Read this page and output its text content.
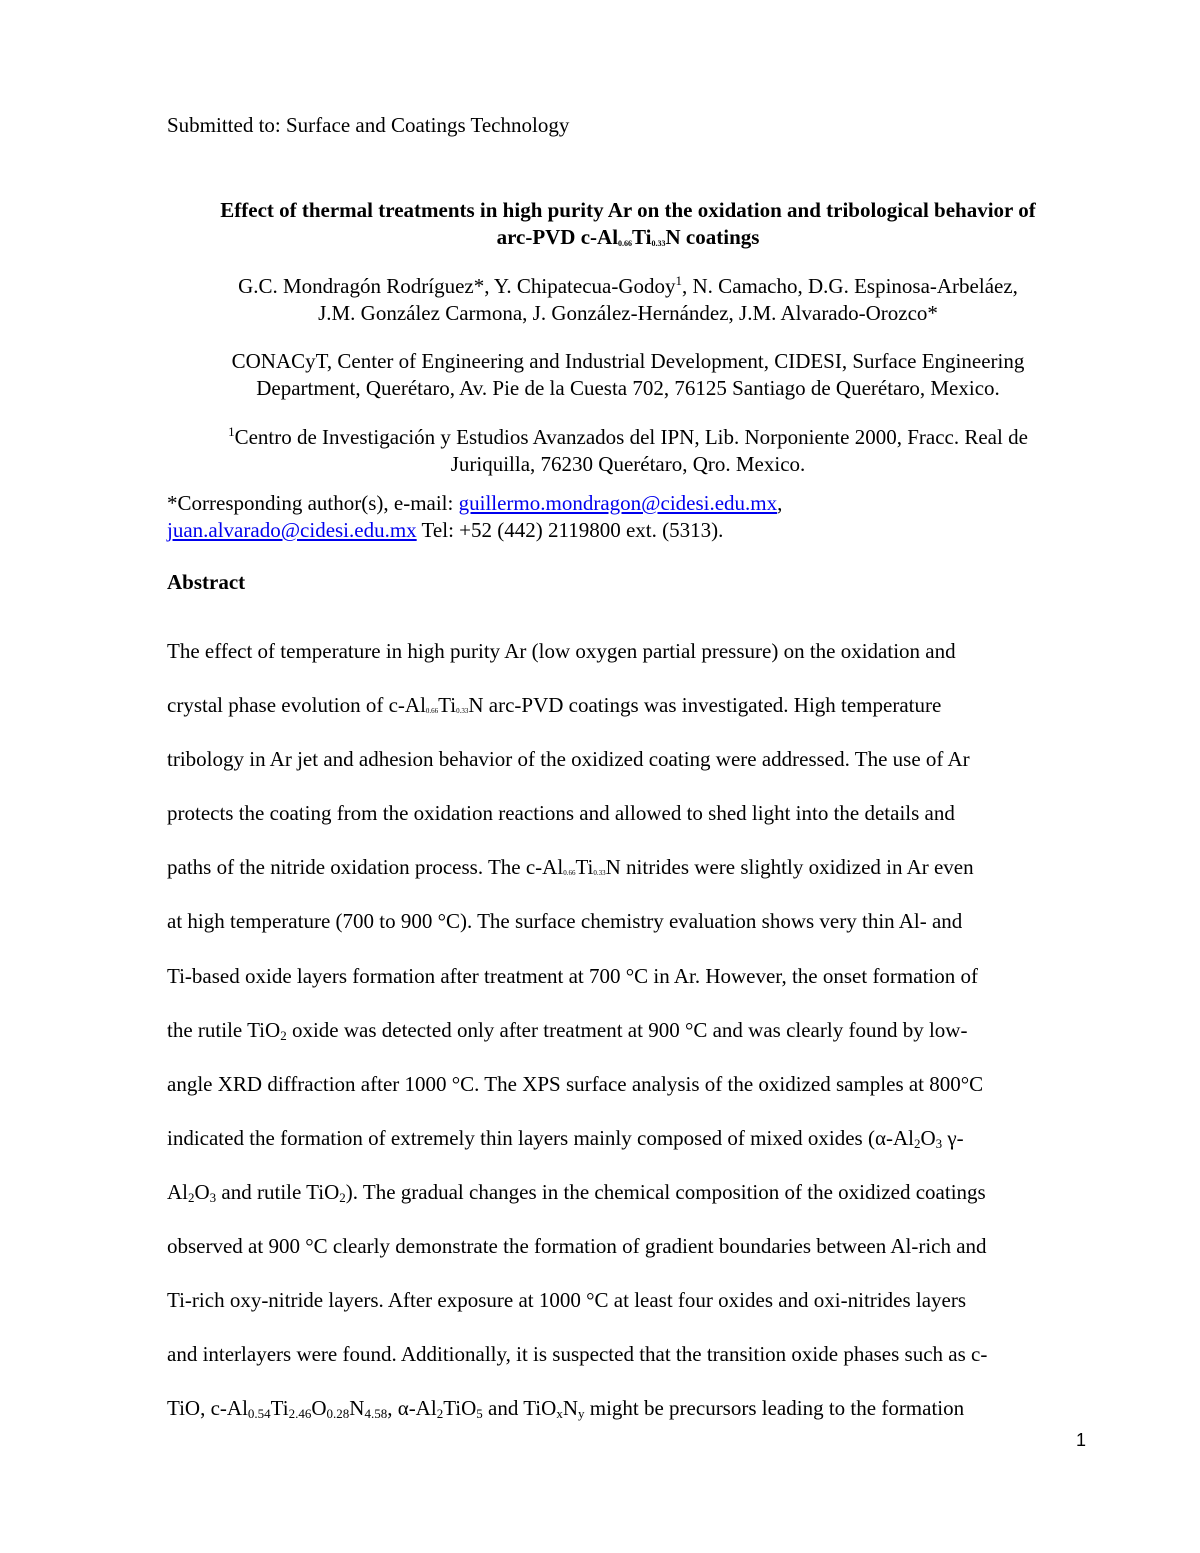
Submitted to: Surface and Coatings Technology
Effect of thermal treatments in high purity Ar on the oxidation and tribological behavior of
arc-PVD $c-Al_{0.66}Ti_{0.33}N$ coatings
G.C. Mondragón Rodríguez*, Y. Chipatecua-Godoy$^1$, N. Camacho, D.G. Espinosa-Arbeláez,
J.M. González Carmona, J. González-Hernández, J.M. Alvarado-Orozco*
CONACyT, Center of Engineering and Industrial Development, CIDESI, Surface Engineering
Department, Querétaro, Av. Pie de la Cuesta 702, 76125 Santiago de Querétaro, Mexico.
$^1$Centro de Investigación y Estudios Avanzados del IPN, Lib. Norponiente 2000, Fracc. Real de
Juriquilla, 76230 Querétaro, Qro. Mexico.
*Corresponding author(s), e-mail: guillermo.mondragon@cidesi.edu.mx,
juan.alvarado@cidesi.edu.mx Tel: +52 (442) 2119800 ext. (5313).
Abstract
The effect of temperature in high purity Ar (low oxygen partial pressure) on the oxidation and
crystal phase evolution of $c-Al_{0.66}Ti_{0.33}N$ arc-PVD coatings was investigated. High temperature
tribology in Ar jet and adhesion behavior of the oxidized coating were addressed. The use of Ar
protects the coating from the oxidation reactions and allowed to shed light into the details and
paths of the nitride oxidation process. The $c-Al_{0.66}Ti_{0.33}N$ nitrides were slightly oxidized in Ar even
at high temperature (700 to 900 °C). The surface chemistry evaluation shows very thin Al- and
Ti-based oxide layers formation after treatment at 700 °C in Ar. However, the onset formation of
the rutile TiO$_2$ oxide was detected only after treatment at 900 °C and was clearly found by low-
angle XRD diffraction after 1000 °C. The XPS surface analysis of the oxidized samples at 800°C
indicated the formation of extremely thin layers mainly composed of mixed oxides ($\alpha-Al_2O_3$ γ-
$Al_2O_3$ and rutile TiO$_2$). The gradual changes in the chemical composition of the oxidized coatings
observed at 900 °C clearly demonstrate the formation of gradient boundaries between Al-rich and
Ti-rich oxy-nitride layers. After exposure at 1000 °C at least four oxides and oxi-nitrides layers
and interlayers were found. Additionally, it is suspected that the transition oxide phases such as c-
TiO, $c-Al_{0.54}Ti_{2.46}O_{0.28}N_{4.58}$, $\alpha-Al_2TiO_5$ and $TiO_xN_y$ might be precursors leading to the formation
1
